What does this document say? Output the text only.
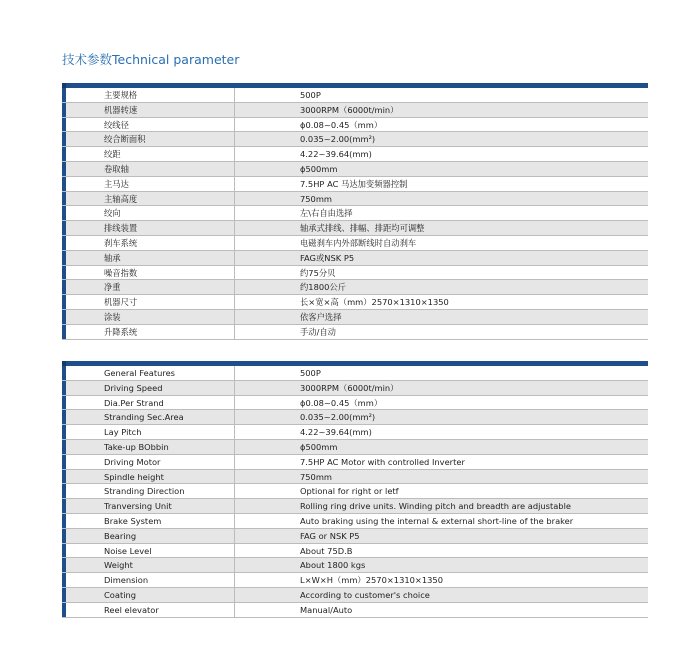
技术参数Technical parameter
主要规格	500P
机器转速	3000RPM（6000t/min）
绞线径	ϕ0.08~0.45（mm）
绞合断面积	0.035~2.00(mm²)
绞距	4.22~39.64(mm)
卷取轴	ϕ500mm
主马达	7.5HP AC 马达加变频器控制
主轴高度	750mm
绞向	左\右自由选择
排线装置	轴承式排线、排幅、排距均可调整
刹车系统	电磁刹车内外部断线时自动刹车
轴承	FAG或NSK P5
噪音指数	约75分贝
净重	约1800公斤
机器尺寸	长×宽×高（mm）2570×1310×1350
涂装	依客户选择
升降系统	手动/自动
General Features	500P
Driving Speed	3000RPM（6000t/min）
Dia.Per Strand	ϕ0.08~0.45（mm）
Stranding Sec.Area	0.035~2.00(mm²)
Lay Pitch	4.22~39.64(mm)
Take-up BObbin	ϕ500mm
Driving Motor	7.5HP AC Motor with controlled Inverter
Spindle height	750mm
Stranding Direction	Optional for right or letf
Tranversing Unit	Rolling ring drive units. Winding pitch and breadth are adjustable
Brake System	Auto braking using the internal & external short-line of the braker
Bearing	FAG or NSK P5
Noise Level	About 75D.B
Weight	About 1800 kgs
Dimension	L×W×H（mm）2570×1310×1350
Coating	According to customer's choice
Reel elevator	Manual/Auto
